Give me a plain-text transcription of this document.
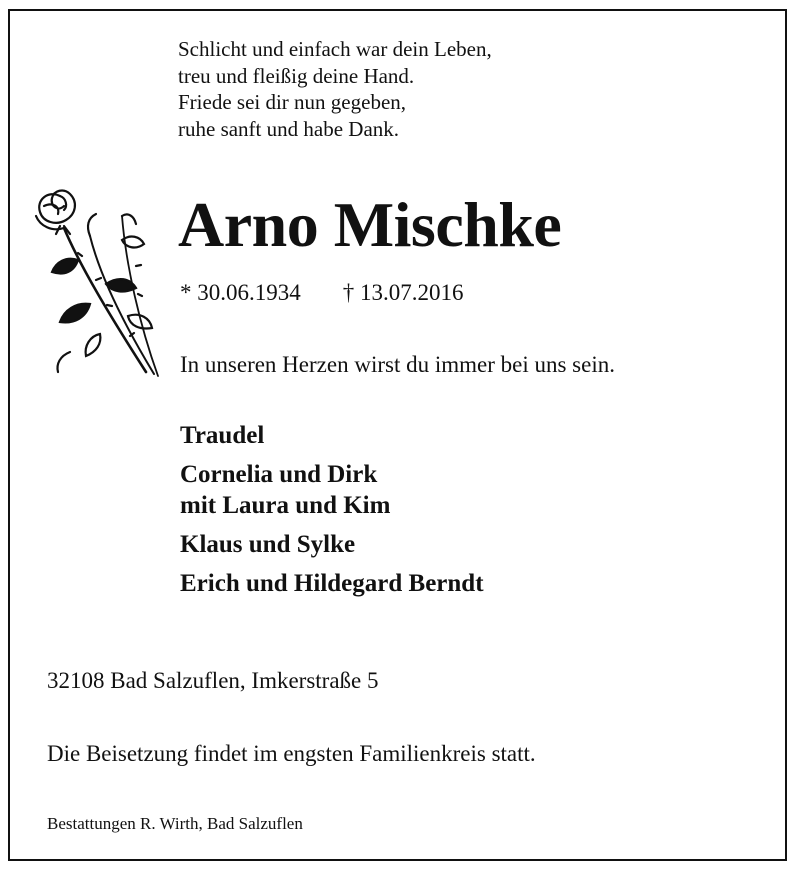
Schlicht und einfach war dein Leben,
treu und fleißig deine Hand.
Friede sei dir nun gegeben,
ruhe sanft und habe Dank.
Arno Mischke
* 30.06.1934 † 13.07.2016
In unseren Herzen wirst du immer bei uns sein.
Traudel
Cornelia und Dirk
mit Laura und Kim
Klaus und Sylke
Erich und Hildegard Berndt
32108 Bad Salzuflen, Imkerstraße 5
Die Beisetzung findet im engsten Familienkreis statt.
Bestattungen R. Wirth, Bad Salzuflen
